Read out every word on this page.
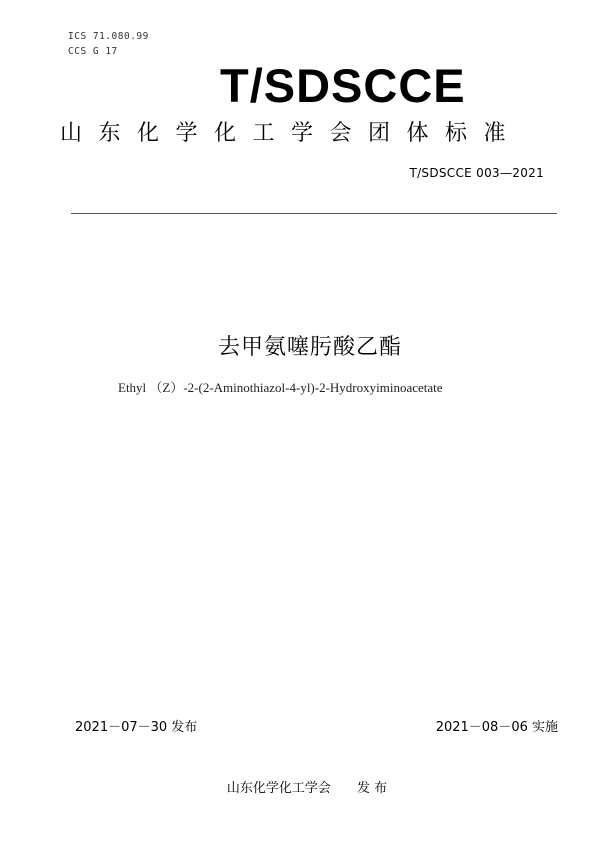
ICS 71.080.99
CCS G 17
T/SDSCCE
山东化学化工学会团体标准
T/SDSCCE 003—2021
去甲氨噻肟酸乙酯
Ethyl （Z）-2-(2-Aminothiazol-4-yl)-2-Hydroxyiminoacetate
2021－07－30 发布	2021－08－06 实施
山东化学化工学会 发 布
